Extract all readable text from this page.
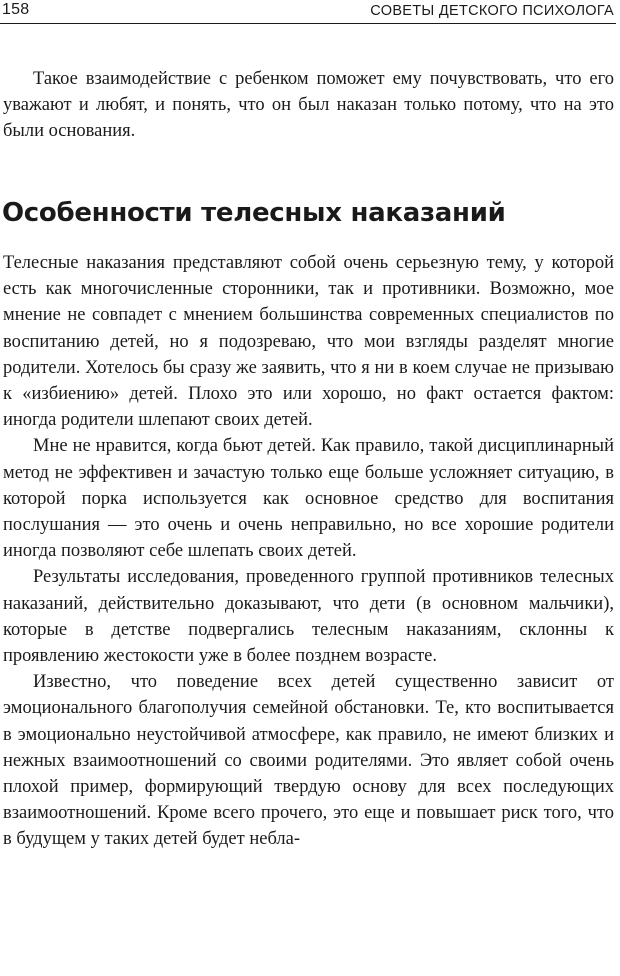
158	СОВЕТЫ ДЕТСКОГО ПСИХОЛОГА

Такое взаимодействие с ребенком поможет ему почувствовать, что его уважают и любят, и понять, что он был наказан только потому, что на это были основания.

Особенности телесных наказаний

Телесные наказания представляют собой очень серьезную тему, у которой есть как многочисленные сторонники, так и противники. Возможно, мое мнение не совпадет с мнением большинства современных специалистов по воспитанию детей, но я подозреваю, что мои взгляды разделят многие родители. Хотелось бы сразу же заявить, что я ни в коем случае не призываю к «избиению» детей. Плохо это или хорошо, но факт остается фактом: иногда родители шлепают своих детей.

Мне не нравится, когда бьют детей. Как правило, такой дисциплинарный метод не эффективен и зачастую только еще больше усложняет ситуацию, в которой порка используется как основное средство для воспитания послушания — это очень и очень неправильно, но все хорошие родители иногда позволяют себе шлепать своих детей.

Результаты исследования, проведенного группой противников телесных наказаний, действительно доказывают, что дети (в основном мальчики), которые в детстве подвергались телесным наказаниям, склонны к проявлению жестокости уже в более позднем возрасте.

Известно, что поведение всех детей существенно зависит от эмоционального благополучия семейной обстановки. Те, кто воспитывается в эмоционально неустойчивой атмосфере, как правило, не имеют близких и нежных взаимоотношений со своими родителями. Это являет собой очень плохой пример, формирующий твердую основу для всех последующих взаимоотношений. Кроме всего прочего, это еще и повышает риск того, что в будущем у таких детей будет небла-
